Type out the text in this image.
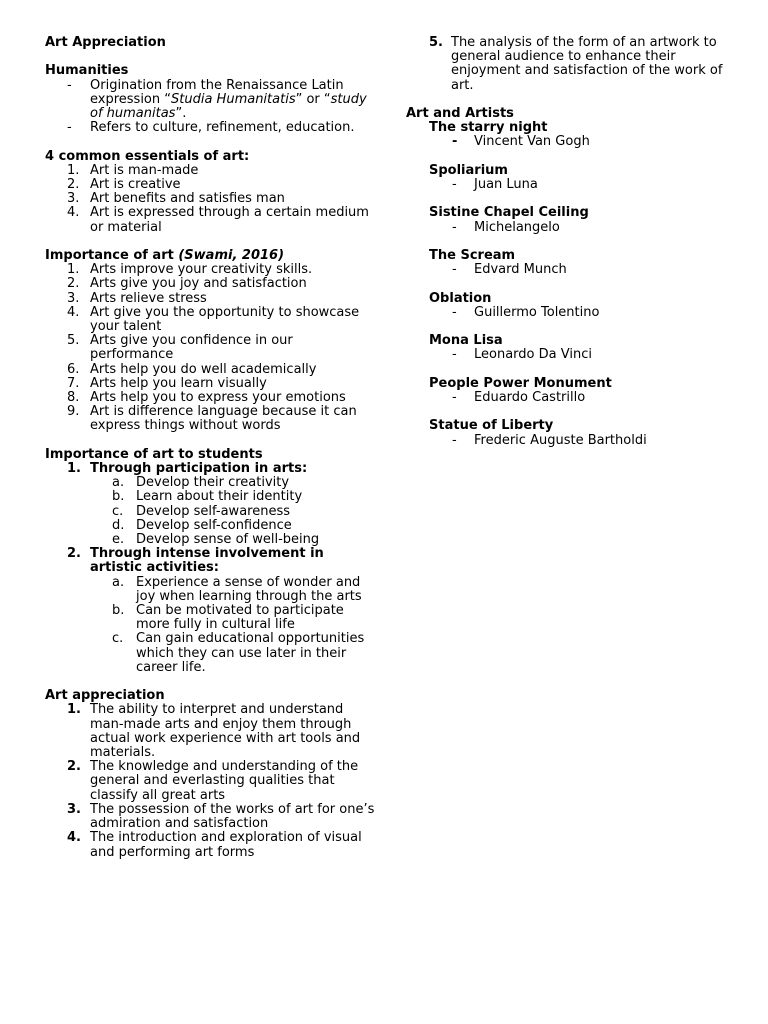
Art Appreciation

Humanities

- Origination from the Renaissance Latin expression “Studia Humanitatis” or “study of humanitas”.
- Refers to culture, refinement, education.

4 common essentials of art:

1. Art is man-made
2. Art is creative
3. Art benefits and satisfies man
4. Art is expressed through a certain medium or material

Importance of art (Swami, 2016)

1. Arts improve your creativity skills.
2. Arts give you joy and satisfaction
3. Arts relieve stress
4. Art give you the opportunity to showcase your talent
5. Arts give you confidence in our performance
6. Arts help you do well academically
7. Arts help you learn visually
8. Arts help you to express your emotions
9. Art is difference language because it can express things without words

Importance of art to students

1. Through participation in arts:
a. Develop their creativity
b. Learn about their identity
c. Develop self-awareness
d. Develop self-confidence
e. Develop sense of well-being
2. Through intense involvement in artistic activities:
a. Experience a sense of wonder and joy when learning through the arts
b. Can be motivated to participate more fully in cultural life
c. Can gain educational opportunities which they can use later in their career life.

Art appreciation

1. The ability to interpret and understand man-made arts and enjoy them through actual work experience with art tools and materials.
2. The knowledge and understanding of the general and everlasting qualities that classify all great arts
3. The possession of the works of art for one’s admiration and satisfaction
4. The introduction and exploration of visual and performing art forms
5. The analysis of the form of an artwork to general audience to enhance their enjoyment and satisfaction of the work of art.

Art and Artists

The starry night

- Vincent Van Gogh

Spoliarium

- Juan Luna

Sistine Chapel Ceiling

- Michelangelo

The Scream

- Edvard Munch

Oblation

- Guillermo Tolentino

Mona Lisa

- Leonardo Da Vinci

People Power Monument

- Eduardo Castrillo

Statue of Liberty

- Frederic Auguste Bartholdi
